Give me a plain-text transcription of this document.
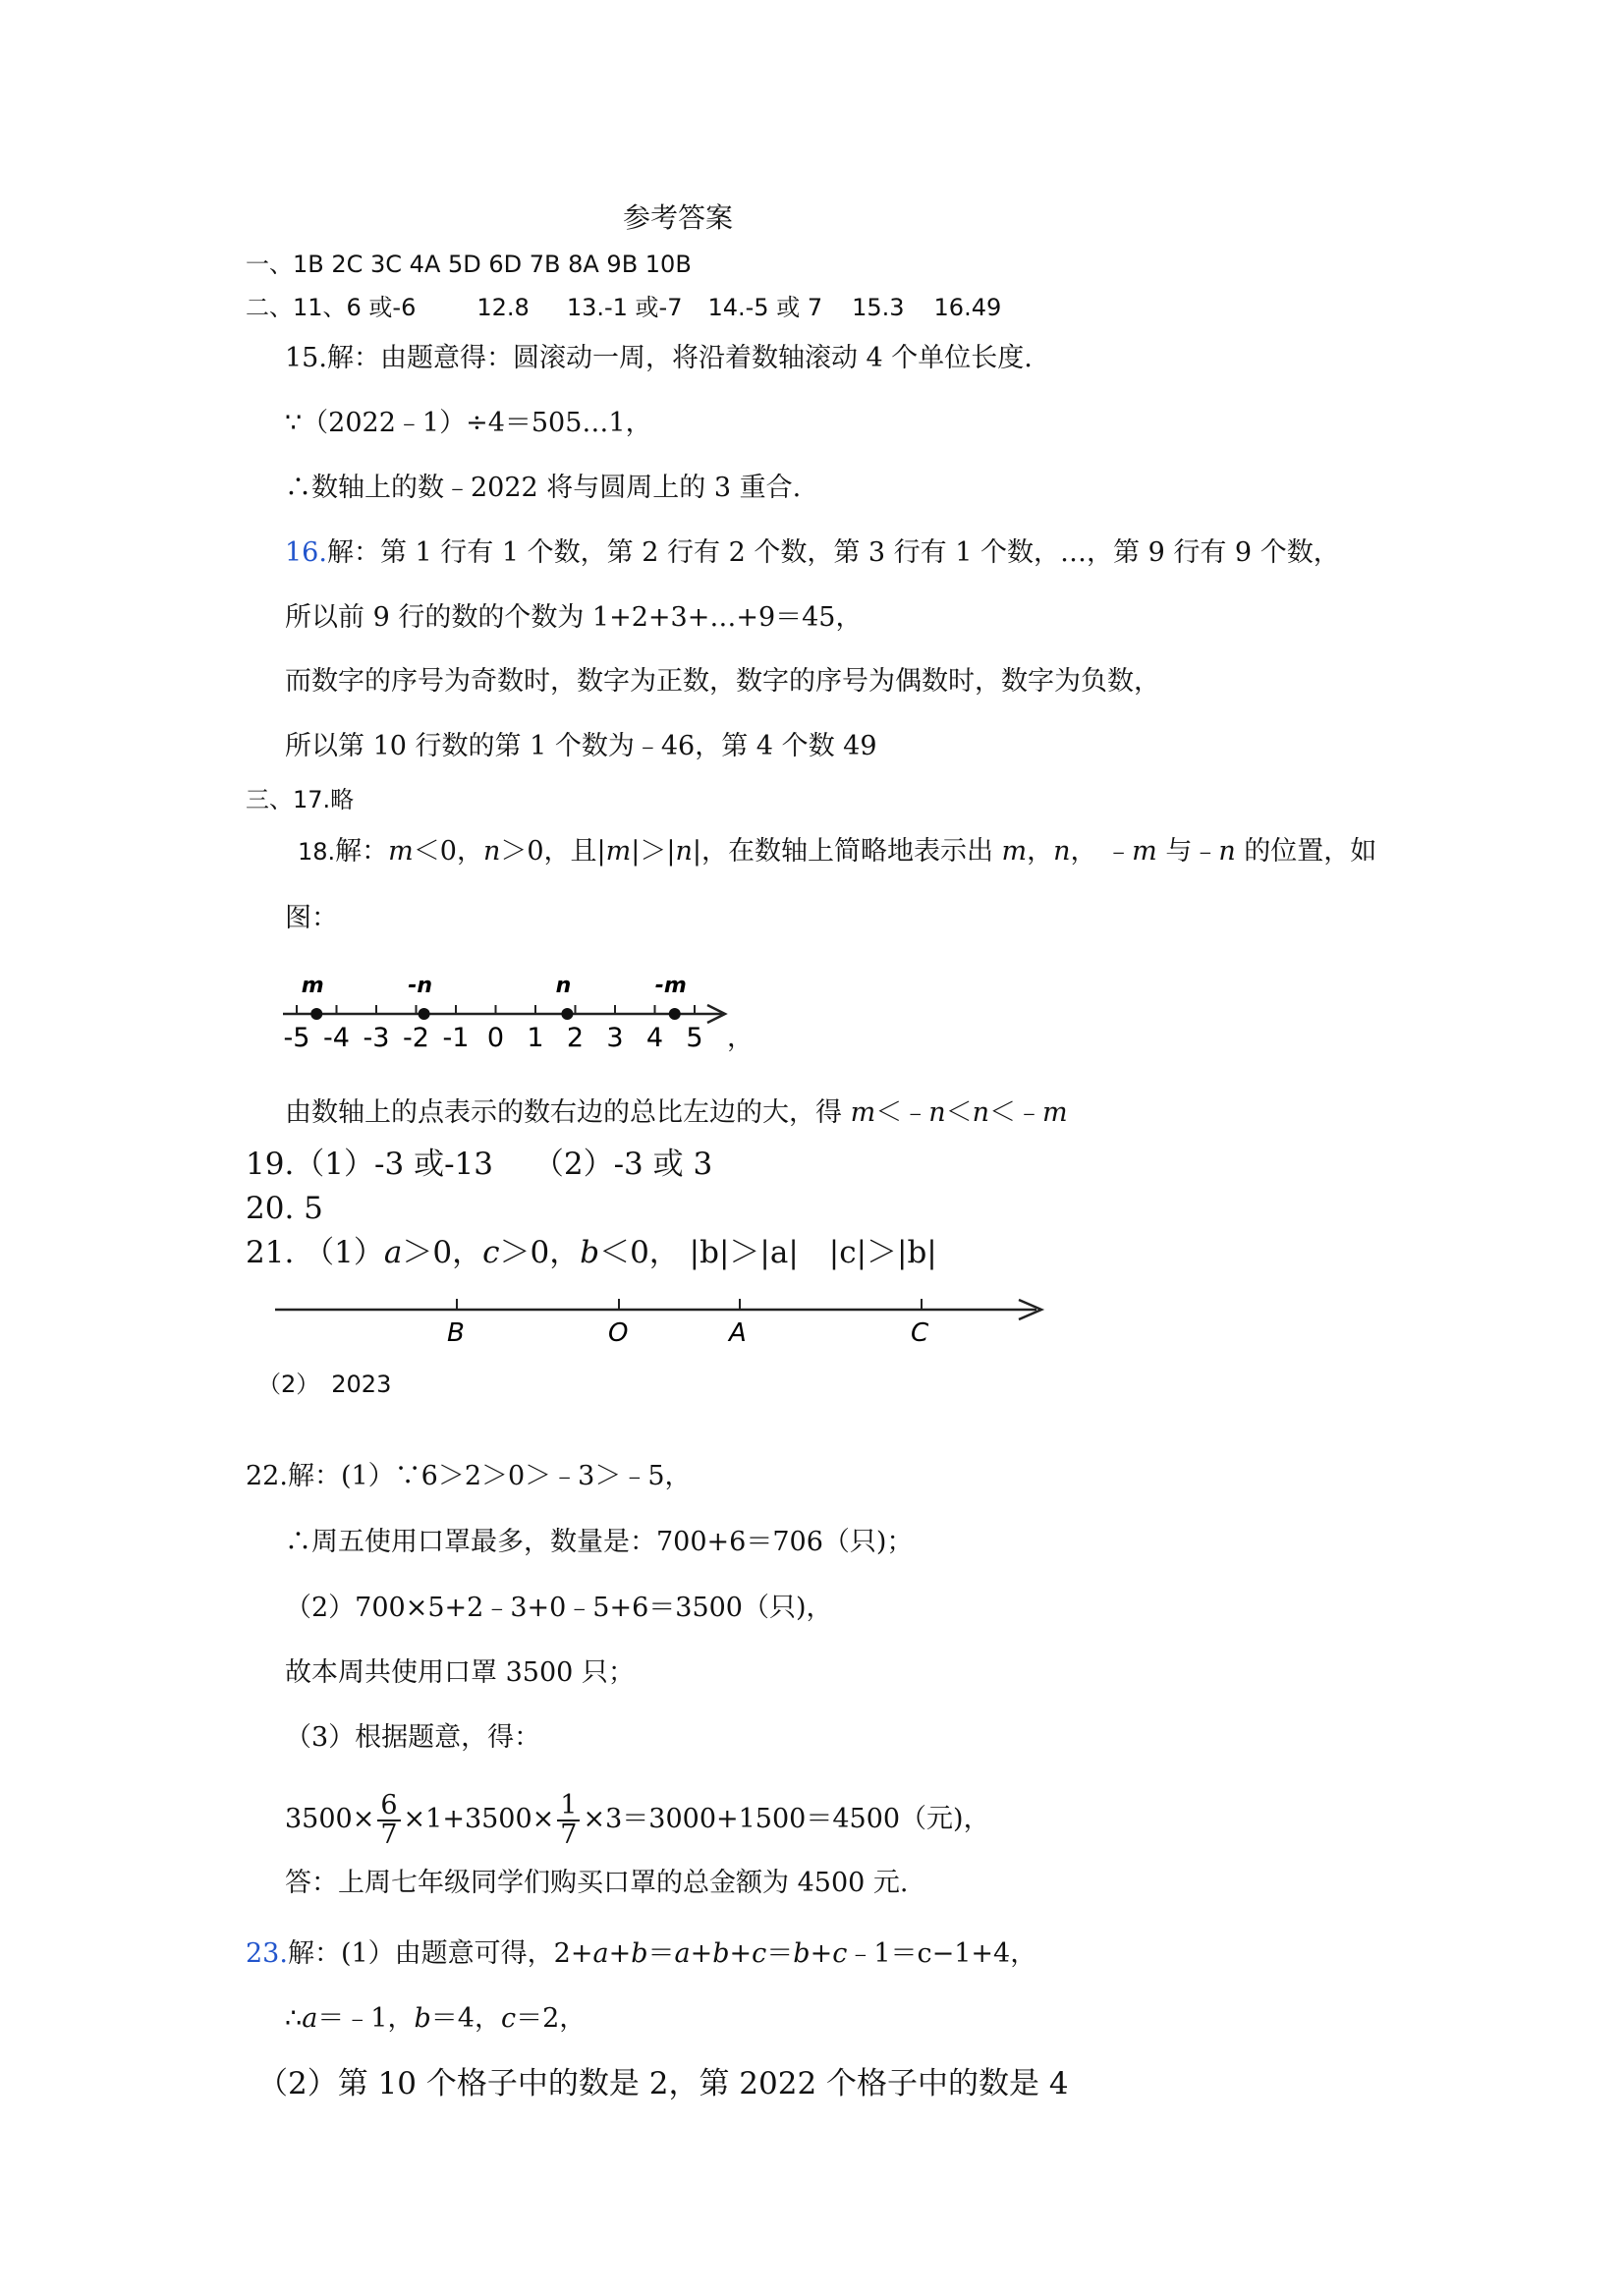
参考答案
一、1B 2C 3C 4A 5D 6D 7B 8A 9B 10B
二、11、6 或-6	12.8 13.-1 或-7 14.-5 或 7 15.3 16.49
15.解：由题意得：圆滚动一周，将沿着数轴滚动 4 个单位长度.
∵（2022﹣1）÷4＝505…1，
∴数轴上的数﹣2022 将与圆周上的 3 重合.
16.解：第 1 行有 1 个数，第 2 行有 2 个数，第 3 行有 1 个数，…，第 9 行有 9 个数，
所以前 9 行的数的个数为 1+2+3+…+9＝45，
而数字的序号为奇数时，数字为正数，数字的序号为偶数时，数字为负数，
所以第 10 行数的第 1 个数为﹣46，第 4 个数 49
三、17.略
18.解：m＜0，n＞0，且|m|＞|n|，在数轴上简略地表示出 m，n， ﹣m 与﹣n 的位置，如
图：
-5 -4 -3 -2 -1 0 1 2 3 4 5
m	-n	n	-m
，
由数轴上的点表示的数右边的总比左边的大，得 m＜﹣n＜n＜﹣m
19.（1）-3 或-13　 （2）-3 或 3
20. 5
21. （1）a＞0，c＞0，b＜0， |b|＞|a|　|c|＞|b|
B	O	A	C
（2）　2023
22.解：(1）∵6＞2＞0＞﹣3＞﹣5，
∴周五使用口罩最多，数量是：700+6＝706（只)；
（2）700×5+2﹣3+0﹣5+6＝3500（只)，
故本周共使用口罩 3500 只；
（3）根据题意，得：
$3500\times \frac{6}{7} \times 1+3500\times \frac{1}{7} \times 3=3000+1500=4500$（元)，
答：上周七年级同学们购买口罩的总金额为 4500 元.
23.解：(1）由题意可得，2+a+b＝a+b+c＝b+c﹣1＝c−1+4，
∴a＝﹣1，b＝4，c＝2，
（2）第 10 个格子中的数是 2，第 2022 个格子中的数是 4
